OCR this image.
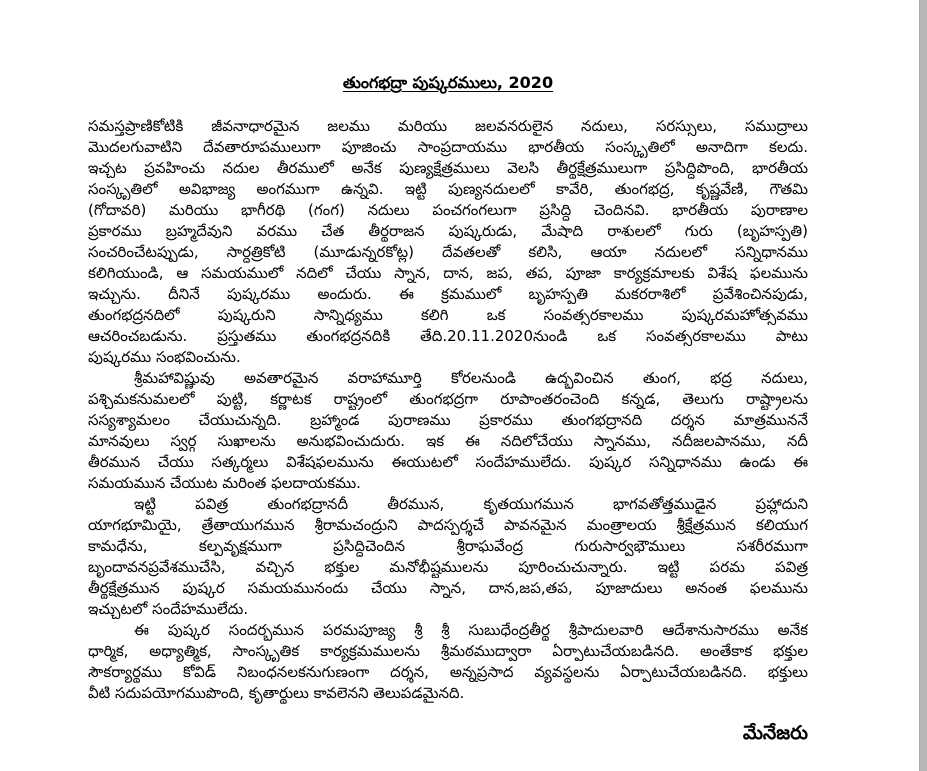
తుంగభద్రా పుష్కరములు, 2020
సమస్తప్రాణికోటికి జీవనాధారమైన జలము మరియు జలవనరులైన నదులు, సరస్సులు, సముద్రాలు
మొదలగువాటిని దేవతారూపములుగా పూజించు సాంప్రదాయము భారతీయ సంస్కృతిలో అనాదిగా కలదు.
ఇచ్చట ప్రవహించు నదుల తీరములో అనేక పుణ్యక్షేత్రములు వెలసి తీర్థక్షేత్రములుగా ప్రసిద్ధిపొంది, భారతీయ
సంస్కృతిలో అవిభాజ్య అంగముగా ఉన్నవి. ఇట్టి పుణ్యనదులలో కావేరి, తుంగభద్ర, కృష్ణవేణి, గౌతమి
(గోదావరి) మరియు భాగీరథి (గంగ) నదులు పంచగంగలుగా ప్రసిద్ధి చెందినవి. భారతీయ పురాణాల
ప్రకారము బ్రహ్మదేవుని వరము చేత తీర్థరాజన పుష్కరుడు, మేషాది రాశులలో గురు (బృహస్పతి)
సంచరించేటప్పుడు, సార్ధత్రికోటి (మూడున్నరకోట్ల) దేవతలతో కలిసి, ఆయా నదులలో సన్నిధానము
కలిగియుండి, ఆ సమయములో నదిలో చేయు స్నాన, దాన, జప, తప, పూజా కార్యక్రమాలకు విశేష ఫలమును
ఇచ్చును. దీనినే పుష్కరము అందురు. ఈ క్రమములో బృహస్పతి మకరరాశిలో ప్రవేశించినపుడు,
తుంగభద్రనదిలో పుష్కరుని సాన్నిధ్యము కలిగి ఒక సంవత్సరకాలము పుష్కరమహోత్సవము
ఆచరించబడును. ప్రస్తుతము తుంగభద్రనదికి తేది.20.11.2020నుండి ఒక సంవత్సరకాలము పాటు
పుష్కరము సంభవించును.
శ్రీమహావిష్ణువు అవతారమైన వరాహామూర్తి కోరలనుండి ఉద్భవించిన తుంగ, భద్ర నదులు,
పశ్చిమకనుమలలో పుట్టి, కర్ణాటక రాష్ట్రంలో తుంగభద్రగా రూపాంతరంచెంది కన్నడ, తెలుగు రాష్ట్రాలను
సస్యశ్యామలం చేయుచున్నది. బ్రహ్మాండ పురాణము ప్రకారము తుంగభద్రానది దర్శన మాత్రముననే
మానవులు స్వర్గ సుఖాలను అనుభవించుదురు. ఇక ఈ నదిలోచేయు స్నానము, నదీజలపానము, నదీ
తీరమున చేయు సత్కర్మలు విశేషఫలమును ఈయుటలో సందేహములేదు. పుష్కర సన్నిధానము ఉండు ఈ
సమయమున చేయుట మరింత ఫలదాయకము.
ఇట్టి పవిత్ర తుంగభద్రానదీ తీరమున, కృతయుగమున భాగవతోత్తముడైన ప్రహ్లాదుని
యాగభూమియై, త్రేతాయుగమున శ్రీరామచంద్రుని పాదస్పర్శచే పావనమైన మంత్రాలయ శ్రీక్షేత్రమున కలియుగ
కామధేను, కల్పవృక్షముగా ప్రసిద్ధిచెందిన శ్రీరాఘవేంద్ర గురుసార్వభౌములు సశరీరముగా
బృందావనప్రవేశముచేసి, వచ్చిన భక్తుల మనోభీష్టములను పూరించుచున్నారు. ఇట్టి పరమ పవిత్ర
తీర్థక్షేత్రమున పుష్కర సమయమునందు చేయు స్నాన, దాన,జప,తప, పూజాదులు అనంత ఫలమును
ఇచ్చుటలో సందేహములేదు.
ఈ పుష్కర సందర్భమున పరమపూజ్య శ్రీ శ్రీ సుబుధేంద్రతీర్థ శ్రీపాదులవారి ఆదేశానుసారము అనేక
ధార్మిక, అధ్యాత్మిక, సాంస్కృతిక కార్యక్రమములను శ్రీమఠముద్వారా ఏర్పాటుచేయబడినది. అంతేకాక భక్తుల
సౌకర్యార్థము కోవిడ్ నిబంధనలకనుగుణంగా దర్శన, అన్నప్రసాద వ్యవస్థలను ఏర్పాటుచేయబడినది. భక్తులు
వీటి సదుపయోగముపొంది, కృతార్థులు కావలెనని తెలుపడమైనది.
మేనేజరు
